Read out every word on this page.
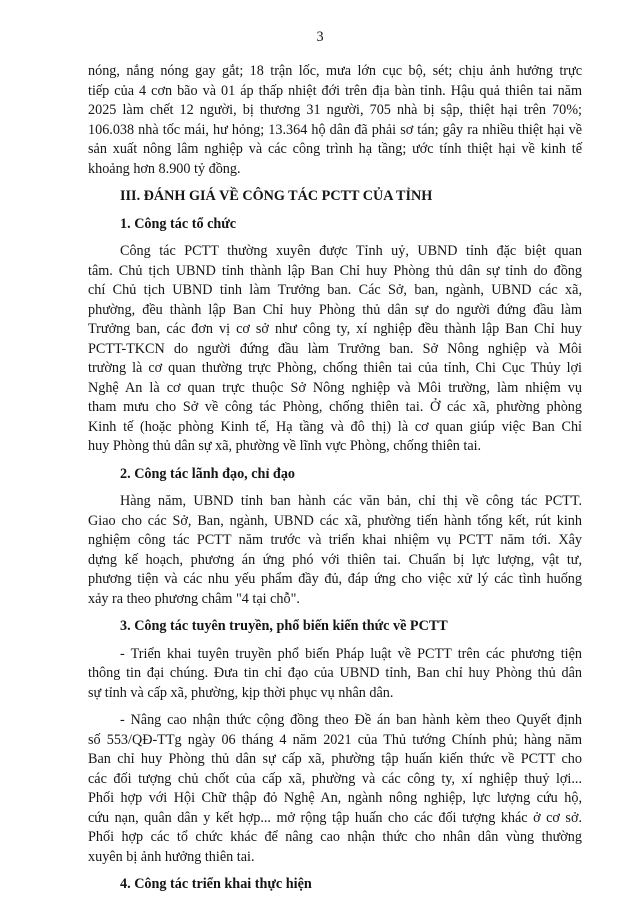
3
nóng, nắng nóng gay gắt; 18 trận lốc, mưa lớn cục bộ, sét; chịu ảnh hưởng trực
tiếp của 4 cơn bão và 01 áp thấp nhiệt đới trên địa bàn tỉnh. Hậu quả thiên tai năm
2025 làm chết 12 người, bị thương 31 người, 705 nhà bị sập, thiệt hại trên 70%;
106.038 nhà tốc mái, hư hỏng; 13.364 hộ dân đã phải sơ tán; gây ra nhiều thiệt hại về
sản xuất nông lâm nghiệp và các công trình hạ tầng; ước tính thiệt hại về kinh tế
khoảng hơn 8.900 tỷ đồng.
III. ĐÁNH GIÁ VỀ CÔNG TÁC PCTT CỦA TỈNH
1. Công tác tổ chức
Công tác PCTT thường xuyên được Tỉnh uỷ, UBND tỉnh đặc biệt quan
tâm. Chủ tịch UBND tỉnh thành lập Ban Chỉ huy Phòng thủ dân sự tỉnh do đồng
chí Chủ tịch UBND tỉnh làm Trưởng ban. Các Sở, ban, ngành, UBND các xã,
phường, đều thành lập Ban Chỉ huy Phòng thủ dân sự do người đứng đầu làm
Trưởng ban, các đơn vị cơ sở như công ty, xí nghiệp đều thành lập Ban Chỉ huy
PCTT-TKCN do người đứng đầu làm Trưởng ban. Sở Nông nghiệp và Môi
trường là cơ quan thường trực Phòng, chống thiên tai của tỉnh, Chi Cục Thủy lợi
Nghệ An là cơ quan trực thuộc Sở Nông nghiệp và Môi trường, làm nhiệm vụ
tham mưu cho Sở về công tác Phòng, chống thiên tai. Ở các xã, phường phòng
Kinh tế (hoặc phòng Kinh tế, Hạ tầng và đô thị) là cơ quan giúp việc Ban Chỉ
huy Phòng thủ dân sự xã, phường về lĩnh vực Phòng, chống thiên tai.
2. Công tác lãnh đạo, chỉ đạo
Hàng năm, UBND tỉnh ban hành các văn bản, chỉ thị về công tác PCTT.
Giao cho các Sở, Ban, ngành, UBND các xã, phường tiến hành tổng kết, rút kinh
nghiệm công tác PCTT năm trước và triển khai nhiệm vụ PCTT năm tới. Xây
dựng kế hoạch, phương án ứng phó với thiên tai. Chuẩn bị lực lượng, vật tư,
phương tiện và các nhu yếu phẩm đầy đủ, đáp ứng cho việc xử lý các tình huống
xảy ra theo phương châm "4 tại chỗ".
3. Công tác tuyên truyền, phổ biến kiến thức về PCTT
- Triển khai tuyên truyền phổ biến Pháp luật về PCTT trên các phương tiện
thông tin đại chúng. Đưa tin chỉ đạo của UBND tỉnh, Ban chỉ huy Phòng thủ dân
sự tỉnh và cấp xã, phường, kịp thời phục vụ nhân dân.
- Nâng cao nhận thức cộng đồng theo Đề án ban hành kèm theo Quyết định
số 553/QĐ-TTg ngày 06 tháng 4 năm 2021 của Thủ tướng Chính phủ; hàng năm
Ban chỉ huy Phòng thủ dân sự cấp xã, phường tập huấn kiến thức về PCTT cho
các đối tượng chủ chốt của cấp xã, phường và các công ty, xí nghiệp thuỷ lợi...
Phối hợp với Hội Chữ thập đỏ Nghệ An, ngành nông nghiệp, lực lượng cứu hộ,
cứu nạn, quân dân y kết hợp... mở rộng tập huấn cho các đối tượng khác ở cơ sở.
Phối hợp các tổ chức khác để nâng cao nhận thức cho nhân dân vùng thường
xuyên bị ảnh hưởng thiên tai.
4. Công tác triển khai thực hiện
